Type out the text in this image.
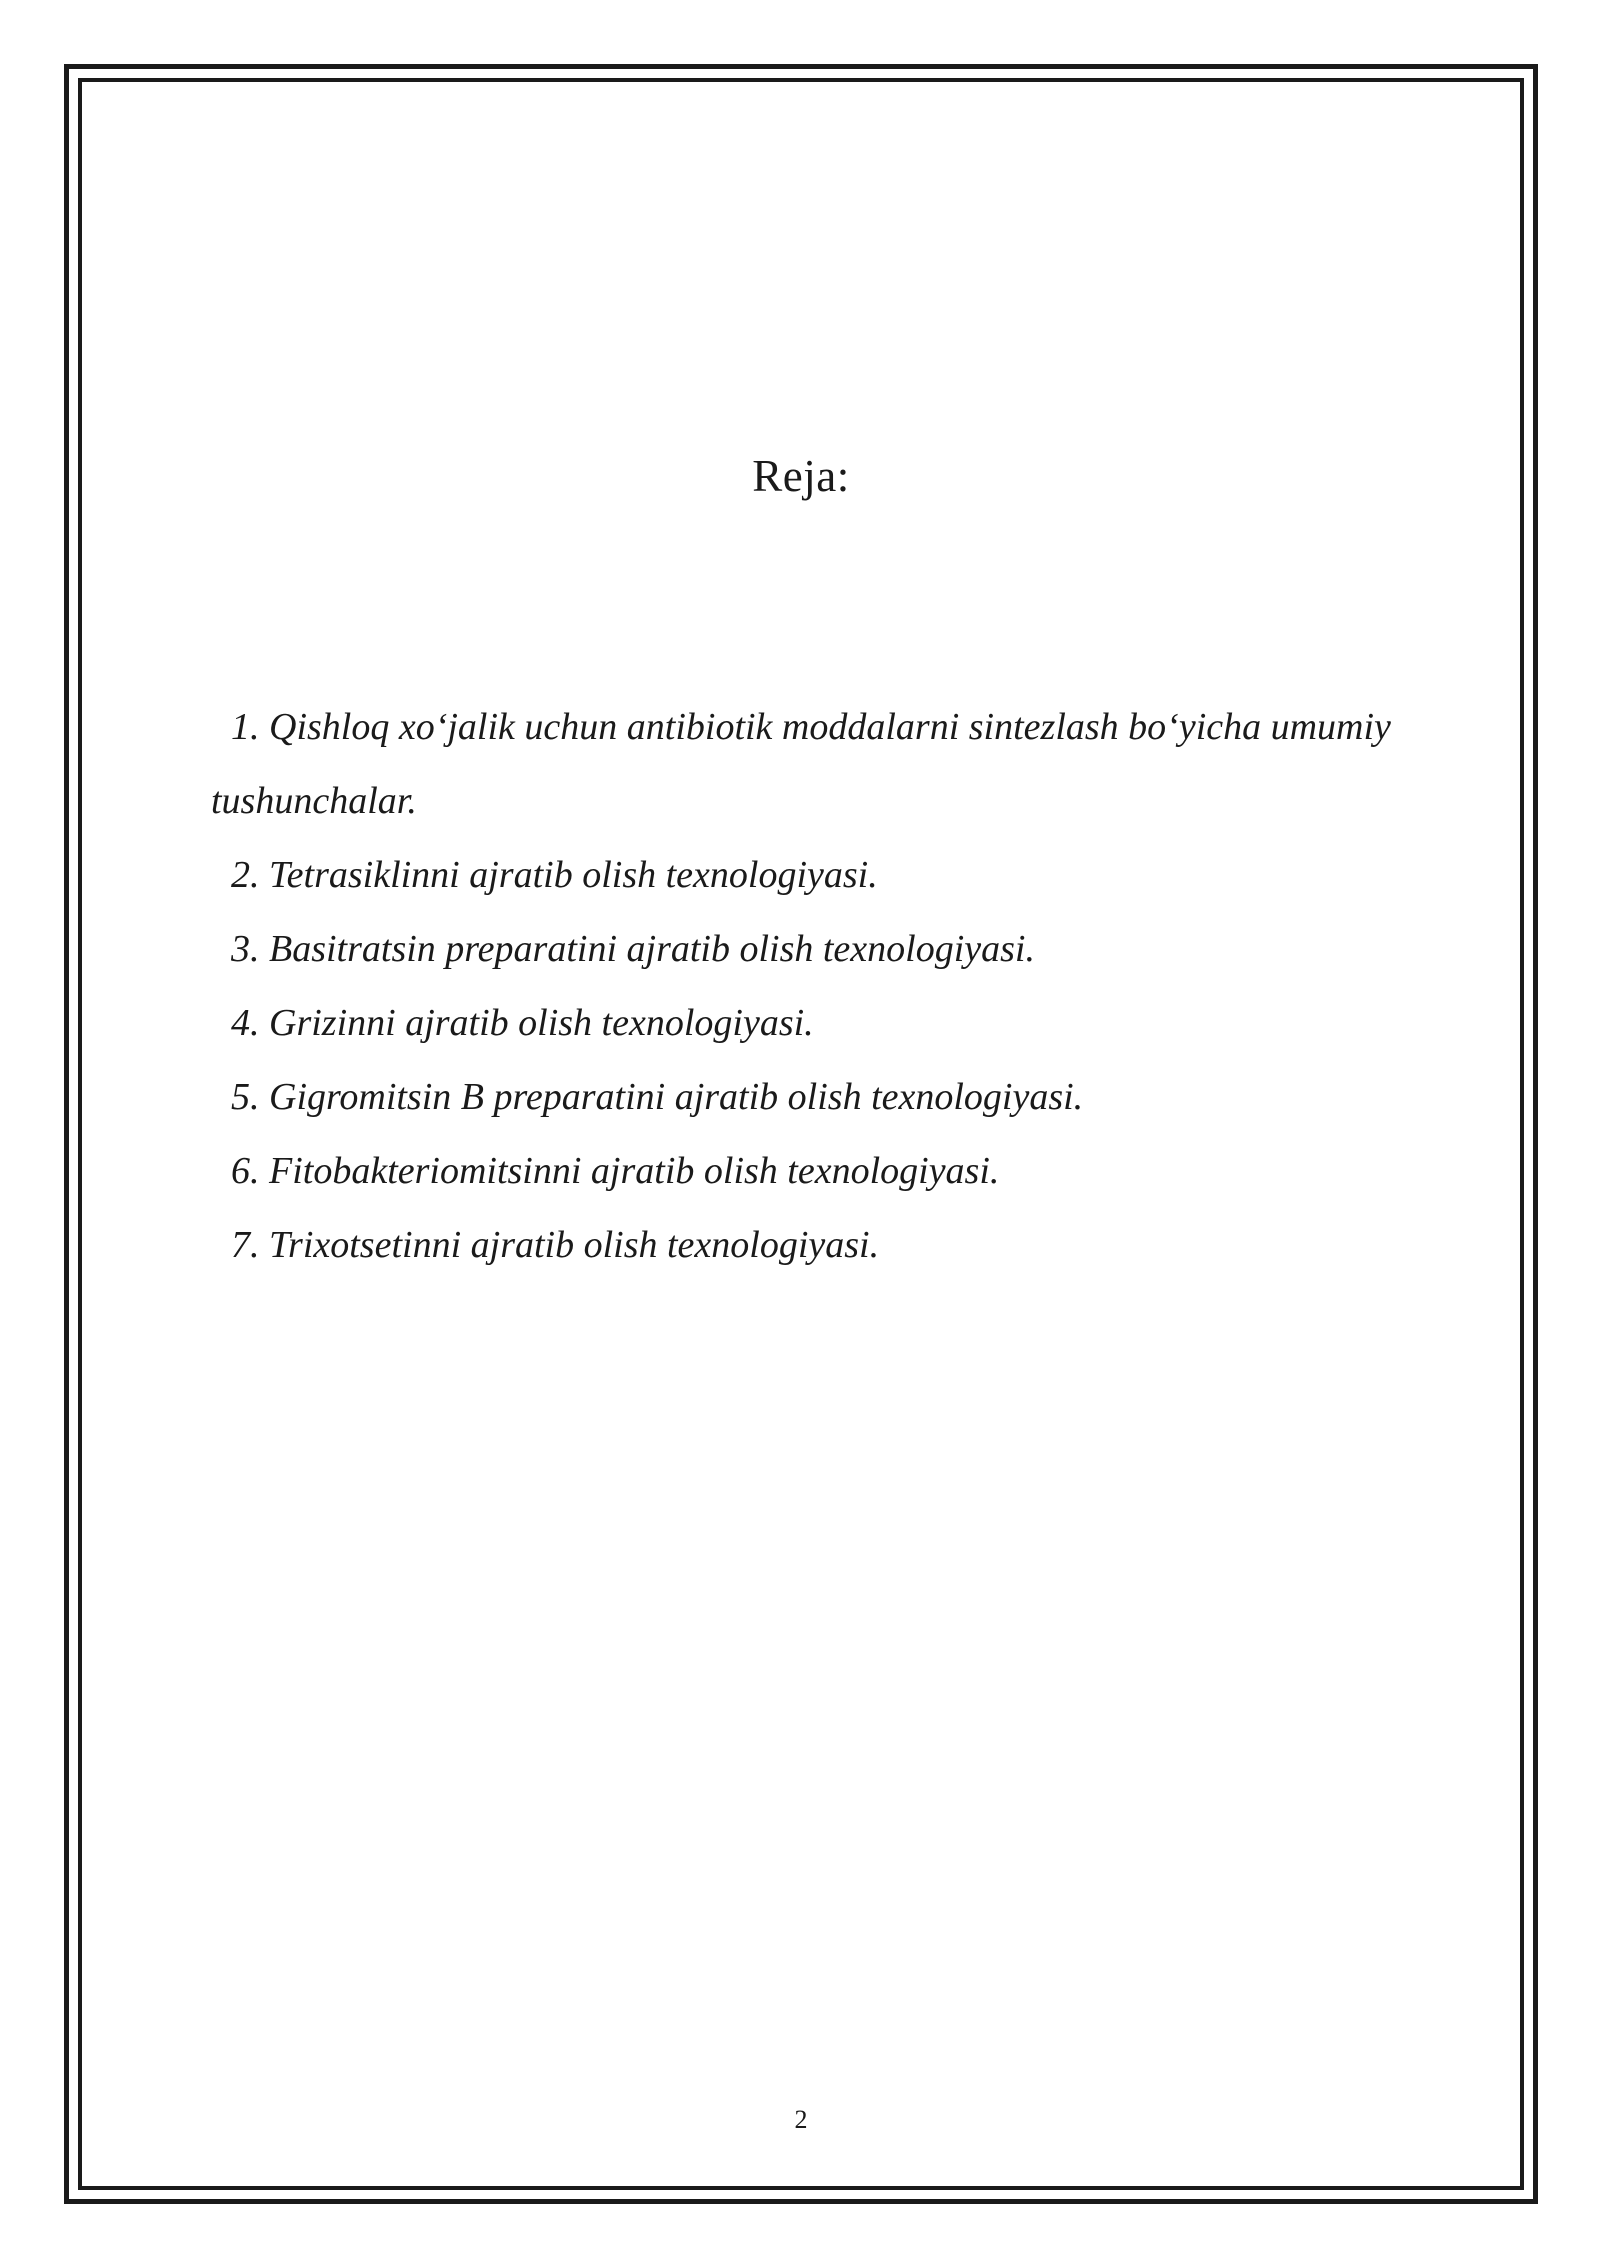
Reja:
1. Qishloq xo‘jalik uchun antibiotik moddalarni sintezlash bo‘yicha umumiy tushunchalar.
2. Tetrasiklinni ajratib olish texnologiyasi.
3. Basitratsin preparatini ajratib olish texnologiyasi.
4. Grizinni ajratib olish texnologiyasi.
5. Gigromitsin B preparatini ajratib olish texnologiyasi.
6. Fitobakteriomitsinni ajratib olish texnologiyasi.
7. Trixotsetinni ajratib olish texnologiyasi.
2
